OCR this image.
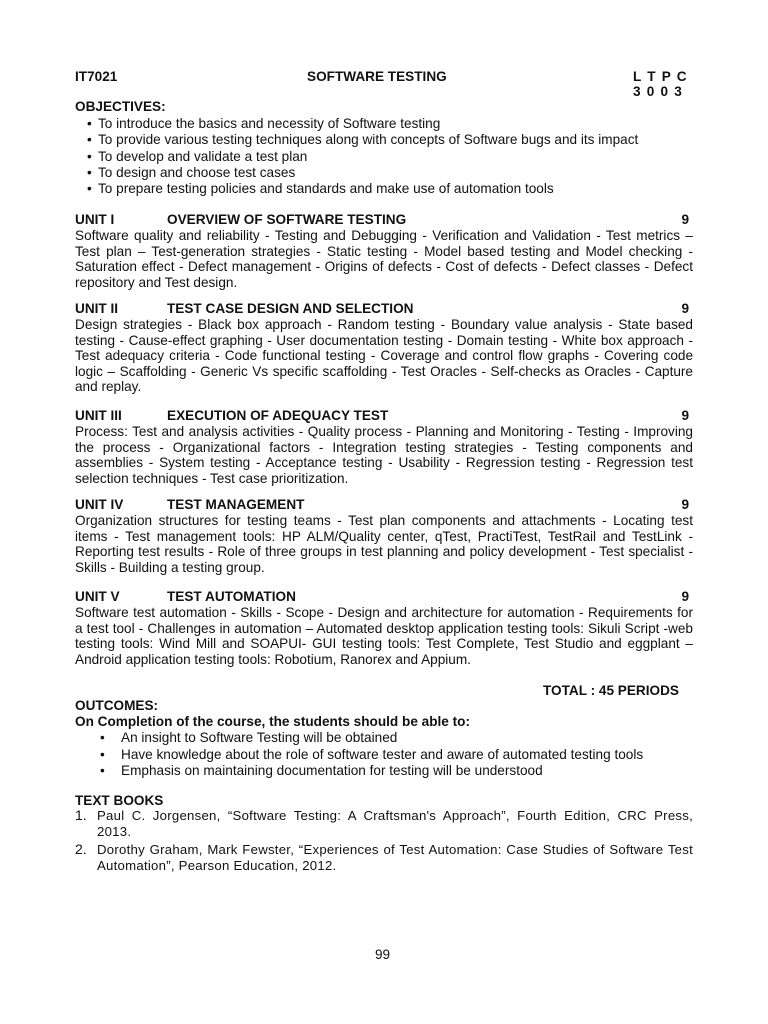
IT7021	SOFTWARE TESTING	L T P C
3 0 0 3
OBJECTIVES:
• To introduce the basics and necessity of Software testing
• To provide various testing techniques along with concepts of Software bugs and its impact
• To develop and validate a test plan
• To design and choose test cases
• To prepare testing policies and standards and make use of automation tools
UNIT I	OVERVIEW OF SOFTWARE TESTING	9
Software quality and reliability - Testing and Debugging - Verification and Validation - Test metrics – Test plan – Test-generation strategies - Static testing - Model based testing and Model checking - Saturation effect - Defect management - Origins of defects - Cost of defects - Defect classes - Defect repository and Test design.
UNIT II	TEST CASE DESIGN AND SELECTION	9
Design strategies - Black box approach - Random testing - Boundary value analysis - State based testing - Cause-effect graphing - User documentation testing - Domain testing - White box approach - Test adequacy criteria - Code functional testing - Coverage and control flow graphs - Covering code logic – Scaffolding - Generic Vs specific scaffolding - Test Oracles - Self-checks as Oracles - Capture and replay.
UNIT III	EXECUTION OF ADEQUACY TEST	9
Process: Test and analysis activities - Quality process - Planning and Monitoring - Testing - Improving the process - Organizational factors - Integration testing strategies - Testing components and assemblies - System testing - Acceptance testing - Usability - Regression testing - Regression test selection techniques - Test case prioritization.
UNIT IV	TEST MANAGEMENT	9
Organization structures for testing teams - Test plan components and attachments - Locating test items - Test management tools: HP ALM/Quality center, qTest, PractiTest, TestRail and TestLink - Reporting test results - Role of three groups in test planning and policy development - Test specialist - Skills - Building a testing group.
UNIT V	TEST AUTOMATION	9
Software test automation - Skills - Scope - Design and architecture for automation - Requirements for a test tool - Challenges in automation – Automated desktop application testing tools: Sikuli Script -web testing tools: Wind Mill and SOAPUI- GUI testing tools: Test Complete, Test Studio and eggplant – Android application testing tools: Robotium, Ranorex and Appium.
TOTAL : 45 PERIODS
OUTCOMES:
On Completion of the course, the students should be able to:
• An insight to Software Testing will be obtained
• Have knowledge about the role of software tester and aware of automated testing tools
• Emphasis on maintaining documentation for testing will be understood
TEXT BOOKS
1. Paul C. Jorgensen, “Software Testing: A Craftsman's Approach”, Fourth Edition, CRC Press, 2013.
2. Dorothy Graham, Mark Fewster, “Experiences of Test Automation: Case Studies of Software Test Automation”, Pearson Education, 2012.
99
